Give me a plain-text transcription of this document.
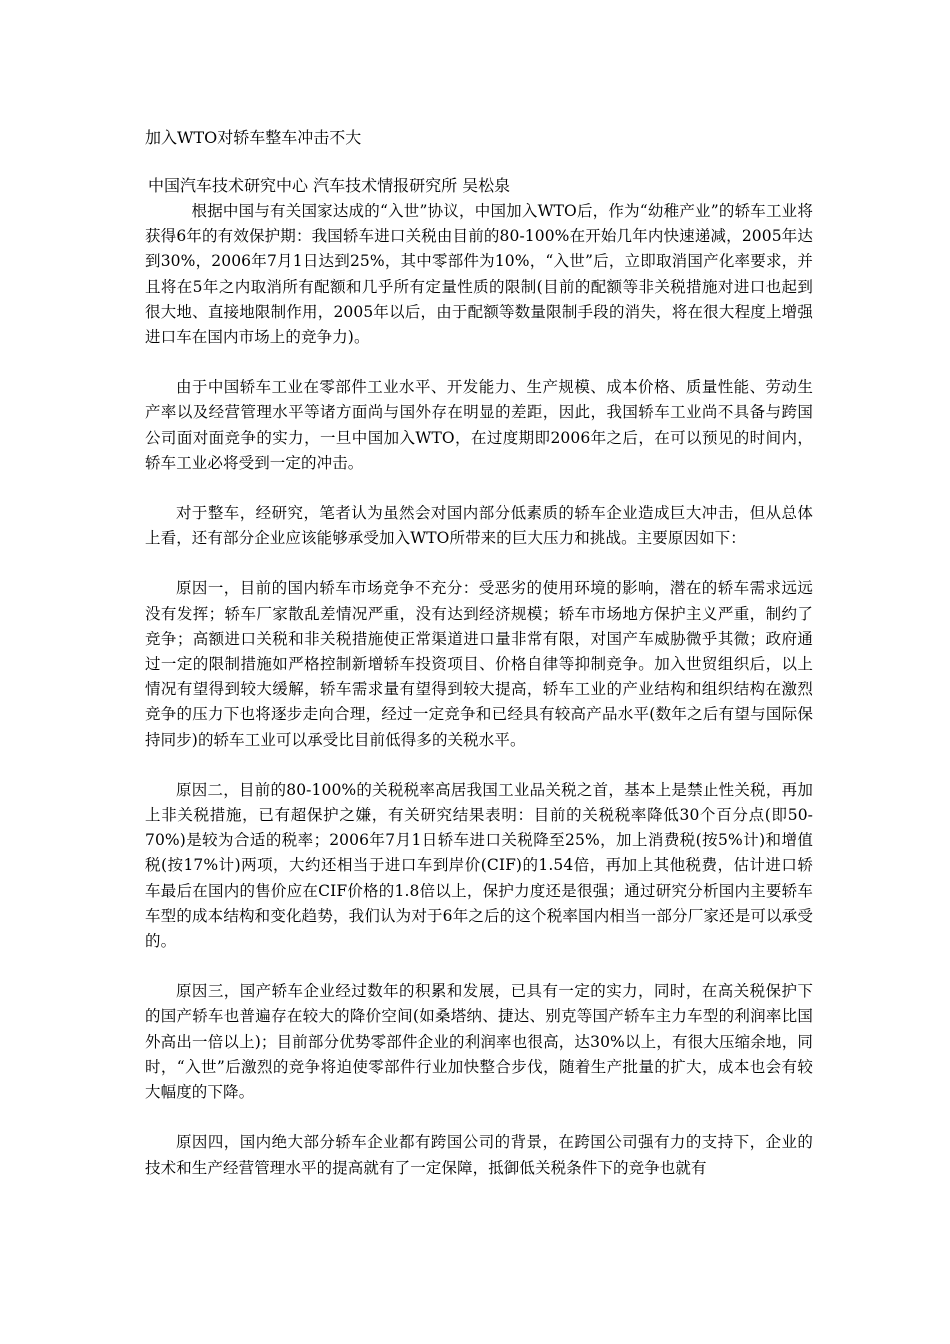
加入WTO对轿车整车冲击不大
中国汽车技术研究中心 汽车技术情报研究所 吴松泉

根据中国与有关国家达成的“入世”协议，中国加入WTO后，作为“幼稚产业”的轿车工业将获得6年的有效保护期：我国轿车进口关税由目前的80-100%在开始几年内快速递减，2005年达到30%，2006年7月1日达到25%，其中零部件为10%，“入世”后，立即取消国产化率要求，并且将在5年之内取消所有配额和几乎所有定量性质的限制(目前的配额等非关税措施对进口也起到很大地、直接地限制作用，2005年以后，由于配额等数量限制手段的消失，将在很大程度上增强进口车在国内市场上的竞争力)。

由于中国轿车工业在零部件工业水平、开发能力、生产规模、成本价格、质量性能、劳动生产率以及经营管理水平等诸方面尚与国外存在明显的差距，因此，我国轿车工业尚不具备与跨国公司面对面竞争的实力，一旦中国加入WTO，在过度期即2006年之后，在可以预见的时间内，轿车工业必将受到一定的冲击。

对于整车，经研究，笔者认为虽然会对国内部分低素质的轿车企业造成巨大冲击，但从总体上看，还有部分企业应该能够承受加入WTO所带来的巨大压力和挑战。主要原因如下：

原因一，目前的国内轿车市场竞争不充分：受恶劣的使用环境的影响，潜在的轿车需求远远没有发挥；轿车厂家散乱差情况严重，没有达到经济规模；轿车市场地方保护主义严重，制约了竞争；高额进口关税和非关税措施使正常渠道进口量非常有限，对国产车威胁微乎其微；政府通过一定的限制措施如严格控制新增轿车投资项目、价格自律等抑制竞争。加入世贸组织后，以上情况有望得到较大缓解，轿车需求量有望得到较大提高，轿车工业的产业结构和组织结构在激烈竞争的压力下也将逐步走向合理，经过一定竞争和已经具有较高产品水平(数年之后有望与国际保持同步)的轿车工业可以承受比目前低得多的关税水平。

原因二，目前的80-100%的关税税率高居我国工业品关税之首，基本上是禁止性关税，再加上非关税措施，已有超保护之嫌，有关研究结果表明：目前的关税税率降低30个百分点(即50-70%)是较为合适的税率；2006年7月1日轿车进口关税降至25%，加上消费税(按5%计)和增值税(按17%计)两项，大约还相当于进口车到岸价(CIF)的1.54倍，再加上其他税费，估计进口轿车最后在国内的售价应在CIF价格的1.8倍以上，保护力度还是很强；通过研究分析国内主要轿车车型的成本结构和变化趋势，我们认为对于6年之后的这个税率国内相当一部分厂家还是可以承受的。

原因三，国产轿车企业经过数年的积累和发展，已具有一定的实力，同时，在高关税保护下的国产轿车也普遍存在较大的降价空间(如桑塔纳、捷达、别克等国产轿车主力车型的利润率比国外高出一倍以上)；目前部分优势零部件企业的利润率也很高，达30%以上，有很大压缩余地，同时，“入世”后激烈的竞争将迫使零部件行业加快整合步伐，随着生产批量的扩大，成本也会有较大幅度的下降。

原因四，国内绝大部分轿车企业都有跨国公司的背景，在跨国公司强有力的支持下，企业的技术和生产经营管理水平的提高就有了一定保障，抵御低关税条件下的竞争也就有
